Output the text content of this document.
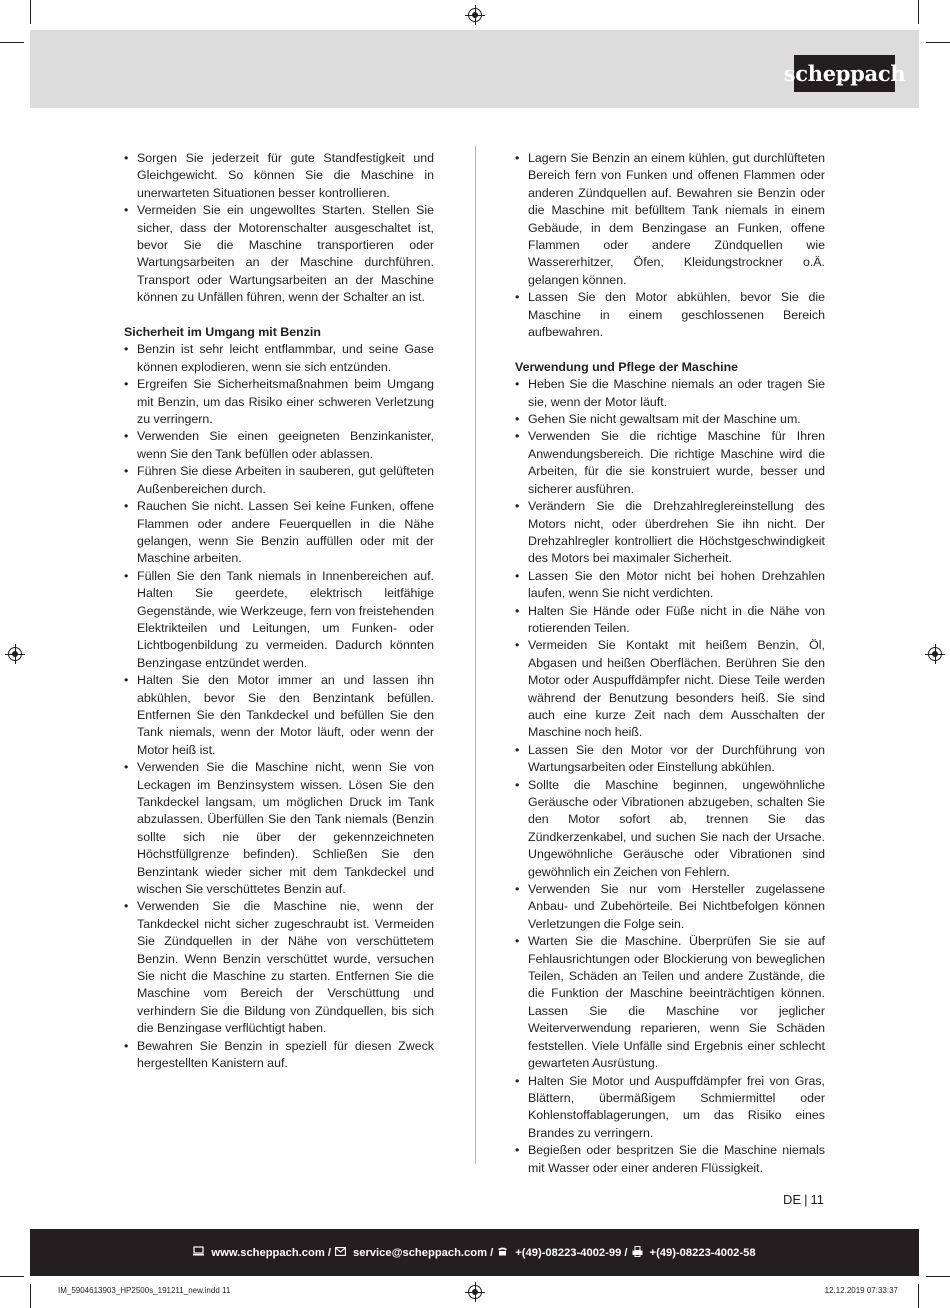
scheppach
• Sorgen Sie jederzeit für gute Standfestigkeit und Gleichgewicht. So können Sie die Maschine in unerwarteten Situationen besser kontrollieren.
• Vermeiden Sie ein ungewolltes Starten. Stellen Sie sicher, dass der Motorenschalter ausgeschaltet ist, bevor Sie die Maschine transportieren oder Wartungsarbeiten an der Maschine durchführen. Transport oder Wartungsarbeiten an der Maschine können zu Unfällen führen, wenn der Schalter an ist.
Sicherheit im Umgang mit Benzin
• Benzin ist sehr leicht entflammbar, und seine Gase können explodieren, wenn sie sich entzünden.
• Ergreifen Sie Sicherheitsmaßnahmen beim Umgang mit Benzin, um das Risiko einer schweren Verletzung zu verringern.
• Verwenden Sie einen geeigneten Benzinkanister, wenn Sie den Tank befüllen oder ablassen.
• Führen Sie diese Arbeiten in sauberen, gut gelüfteten Außenbereichen durch.
• Rauchen Sie nicht. Lassen Sei keine Funken, offene Flammen oder andere Feuerquellen in die Nähe gelangen, wenn Sie Benzin auffüllen oder mit der Maschine arbeiten.
• Füllen Sie den Tank niemals in Innenbereichen auf. Halten Sie geerdete, elektrisch leitfähige Gegenstände, wie Werkzeuge, fern von freistehenden Elektrikteilen und Leitungen, um Funken- oder Lichtbogenbildung zu vermeiden. Dadurch könnten Benzingase entzündet werden.
• Halten Sie den Motor immer an und lassen ihn abkühlen, bevor Sie den Benzintank befüllen. Entfernen Sie den Tankdeckel und befüllen Sie den Tank niemals, wenn der Motor läuft, oder wenn der Motor heiß ist.
• Verwenden Sie die Maschine nicht, wenn Sie von Leckagen im Benzinsystem wissen. Lösen Sie den Tankdeckel langsam, um möglichen Druck im Tank abzulassen. Überfüllen Sie den Tank niemals (Benzin sollte sich nie über der gekennzeichneten Höchstfüllgrenze befinden). Schließen Sie den Benzintank wieder sicher mit dem Tankdeckel und wischen Sie verschüttetes Benzin auf.
• Verwenden Sie die Maschine nie, wenn der Tankdeckel nicht sicher zugeschraubt ist. Vermeiden Sie Zündquellen in der Nähe von verschüttetem Benzin. Wenn Benzin verschüttet wurde, versuchen Sie nicht die Maschine zu starten. Entfernen Sie die Maschine vom Bereich der Verschüttung und verhindern Sie die Bildung von Zündquellen, bis sich die Benzingase verflüchtigt haben.
• Bewahren Sie Benzin in speziell für diesen Zweck hergestellten Kanistern auf.
• Lagern Sie Benzin an einem kühlen, gut durchlüfteten Bereich fern von Funken und offenen Flammen oder anderen Zündquellen auf. Bewahren sie Benzin oder die Maschine mit befülltem Tank niemals in einem Gebäude, in dem Benzingase an Funken, offene Flammen oder andere Zündquellen wie Wassererhitzer, Öfen, Kleidungstrockner o.Ä. gelangen können.
• Lassen Sie den Motor abkühlen, bevor Sie die Maschine in einem geschlossenen Bereich aufbewahren.
Verwendung und Pflege der Maschine
• Heben Sie die Maschine niemals an oder tragen Sie sie, wenn der Motor läuft.
• Gehen Sie nicht gewaltsam mit der Maschine um.
• Verwenden Sie die richtige Maschine für Ihren Anwendungsbereich. Die richtige Maschine wird die Arbeiten, für die sie konstruiert wurde, besser und sicherer ausführen.
• Verändern Sie die Drehzahlreglereinstellung des Motors nicht, oder überdrehen Sie ihn nicht. Der Drehzahlregler kontrolliert die Höchstgeschwindigkeit des Motors bei maximaler Sicherheit.
• Lassen Sie den Motor nicht bei hohen Drehzahlen laufen, wenn Sie nicht verdichten.
• Halten Sie Hände oder Füße nicht in die Nähe von rotierenden Teilen.
• Vermeiden Sie Kontakt mit heißem Benzin, Öl, Abgasen und heißen Oberflächen. Berühren Sie den Motor oder Auspuffdämpfer nicht. Diese Teile werden während der Benutzung besonders heiß. Sie sind auch eine kurze Zeit nach dem Ausschalten der Maschine noch heiß.
• Lassen Sie den Motor vor der Durchführung von Wartungsarbeiten oder Einstellung abkühlen.
• Sollte die Maschine beginnen, ungewöhnliche Geräusche oder Vibrationen abzugeben, schalten Sie den Motor sofort ab, trennen Sie das Zündkerzenkabel, und suchen Sie nach der Ursache. Ungewöhnliche Geräusche oder Vibrationen sind gewöhnlich ein Zeichen von Fehlern.
• Verwenden Sie nur vom Hersteller zugelassene Anbau- und Zubehörteile. Bei Nichtbefolgen können Verletzungen die Folge sein.
• Warten Sie die Maschine. Überprüfen Sie sie auf Fehlausrichtungen oder Blockierung von beweglichen Teilen, Schäden an Teilen und andere Zustände, die die Funktion der Maschine beeinträchtigen können. Lassen Sie die Maschine vor jeglicher Weiterverwendung reparieren, wenn Sie Schäden feststellen. Viele Unfälle sind Ergebnis einer schlecht gewarteten Ausrüstung.
• Halten Sie Motor und Auspuffdämpfer frei von Gras, Blättern, übermäßigem Schmiermittel oder Kohlenstoffablagerungen, um das Risiko eines Brandes zu verringern.
• Begießen oder bespritzen Sie die Maschine niemals mit Wasser oder einer anderen Flüssigkeit.
DE | 11
www.scheppach.com / service@scheppach.com / +(49)-08223-4002-99 / +(49)-08223-4002-58
IM_5904613903_HP2500s_191211_new.indd 11	12.12.2019 07:33:37
